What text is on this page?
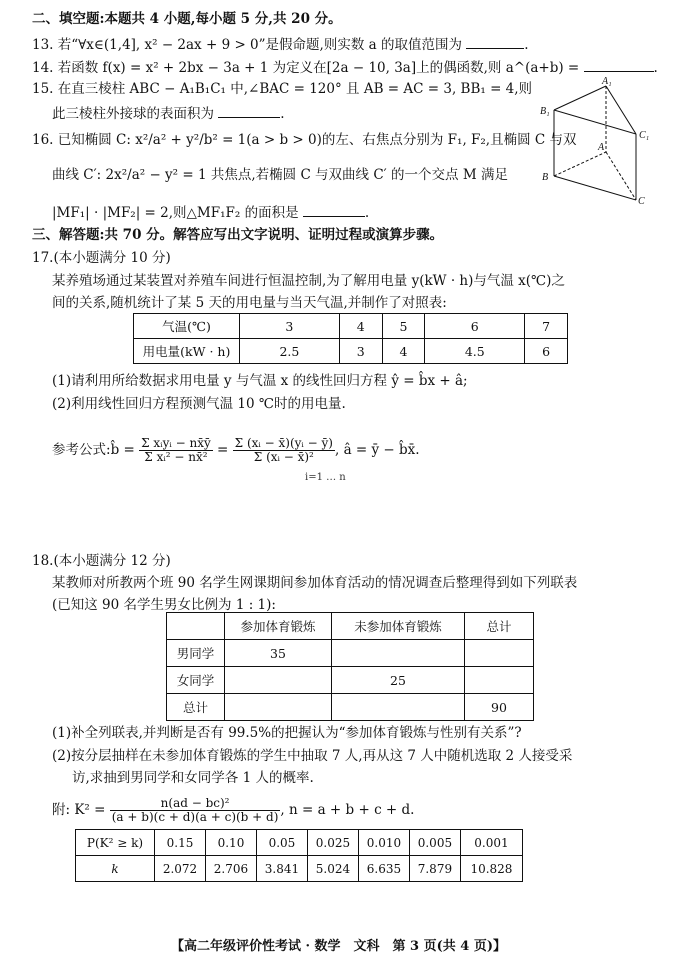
二、填空题:本题共 4 小题,每小题 5 分,共 20 分。
13. 若“∀x∈(1,4], x² − 2ax + 9 > 0”是假命题,则实数 a 的取值范围为	.
14. 若函数 f(x) = x² + 2bx − 3a + 1 为定义在[2a − 10, 3a]上的偶函数,则 a^(a+b) =	.
15. 在直三棱柱 ABC − A₁B₁C₁ 中,∠BAC = 120° 且 AB = AC = 3, BB₁ = 4,则
此三棱柱外接球的表面积为	.
16. 已知椭圆 C: x²/a² + y²/b² = 1(a > b > 0)的左、右焦点分别为 F₁, F₂,且椭圆 C 与双
曲线 C′: 2x²/a² − y² = 1 共焦点,若椭圆 C 与双曲线 C′ 的一个交点 M 满足
|MF₁| · |MF₂| = 2,则△MF₁F₂ 的面积是	.
B₁
A₁
C₁
B
A
C
三、解答题:共 70 分。解答应写出文字说明、证明过程或演算步骤。
17.(本小题满分 10 分)
某养殖场通过某装置对养殖车间进行恒温控制,为了解用电量 y(kW · h)与气温 x(℃)之
间的关系,随机统计了某 5 天的用电量与当天气温,并制作了对照表:
气温(℃)	3	4	5	6	7
用电量(kW · h)	2.5	3	4	4.5	6
(1)请利用所给数据求用电量 y 与气温 x 的线性回归方程 ŷ = b̂x + â;
(2)利用线性回归方程预测气温 10 ℃时的用电量.
参考公式:b̂ = $\frac{\text{Σ xᵢyᵢ − nx̄ȳ}}{\text{Σ xᵢ² − nx̄²}} = \frac{\text{Σ (xᵢ − x̄)(yᵢ − ȳ)}}{\text{Σ (xᵢ − x̄)²}}$ , â = ȳ − b̂x̄.
i=1 … n
18.(本小题满分 12 分)
某教师对所教两个班 90 名学生网课期间参加体育活动的情况调查后整理得到如下列联表
(已知这 90 名学生男女比例为 1 : 1):
	参加体育锻炼	未参加体育锻炼	总计
男同学	35		
女同学		25	
总计			90
(1)补全列联表,并判断是否有 99.5%的把握认为“参加体育锻炼与性别有关系”?
(2)按分层抽样在未参加体育锻炼的学生中抽取 7 人,再从这 7 人中随机选取 2 人接受采
访,求抽到男同学和女同学各 1 人的概率.
附: $K^2 = \frac{\text{n(ad − bc)²}}{(a + b)(c + d)(a + c)(b + d)}$ , n = a + b + c + d.
P(K² ≥ k)	0.15	0.10	0.05	0.025	0.010	0.005	0.001
k	2.072	2.706	3.841	5.024	6.635	7.879	10.828
【高二年级评价性考试 · 数学　文科　第 3 页(共 4 页)】
